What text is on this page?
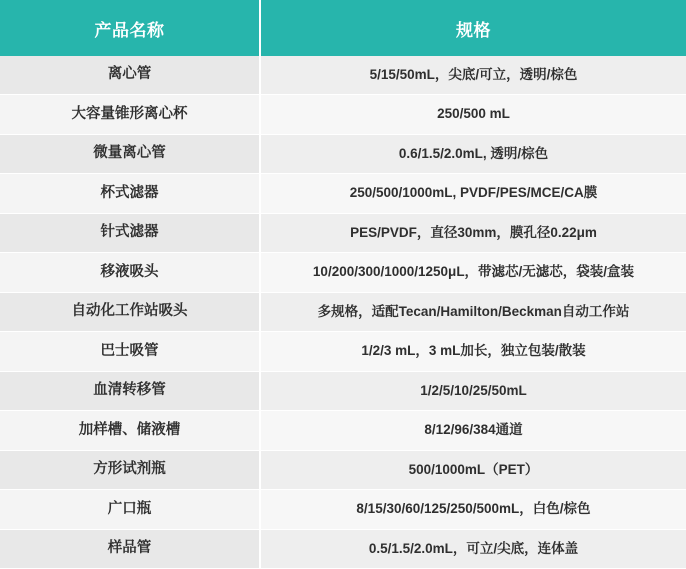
产品名称	规格
离心管	5/15/50mL，尖底/可立，透明/棕色
大容量锥形离心杯	250/500 mL
微量离心管	0.6/1.5/2.0mL, 透明/棕色
杯式滤器	250/500/1000mL, PVDF/PES/MCE/CA膜
针式滤器	PES/PVDF，直径30mm，膜孔径0.22μm
移液吸头	10/200/300/1000/1250μL，带滤芯/无滤芯，袋装/盒装
自动化工作站吸头	多规格，适配Tecan/Hamilton/Beckman自动工作站
巴士吸管	1/2/3 mL，3 mL加长，独立包装/散装
血清转移管	1/2/5/10/25/50mL
加样槽、储液槽	8/12/96/384通道
方形试剂瓶	500/1000mL（PET）
广口瓶	8/15/30/60/125/250/500mL，白色/棕色
样品管	0.5/1.5/2.0mL，可立/尖底，连体盖
